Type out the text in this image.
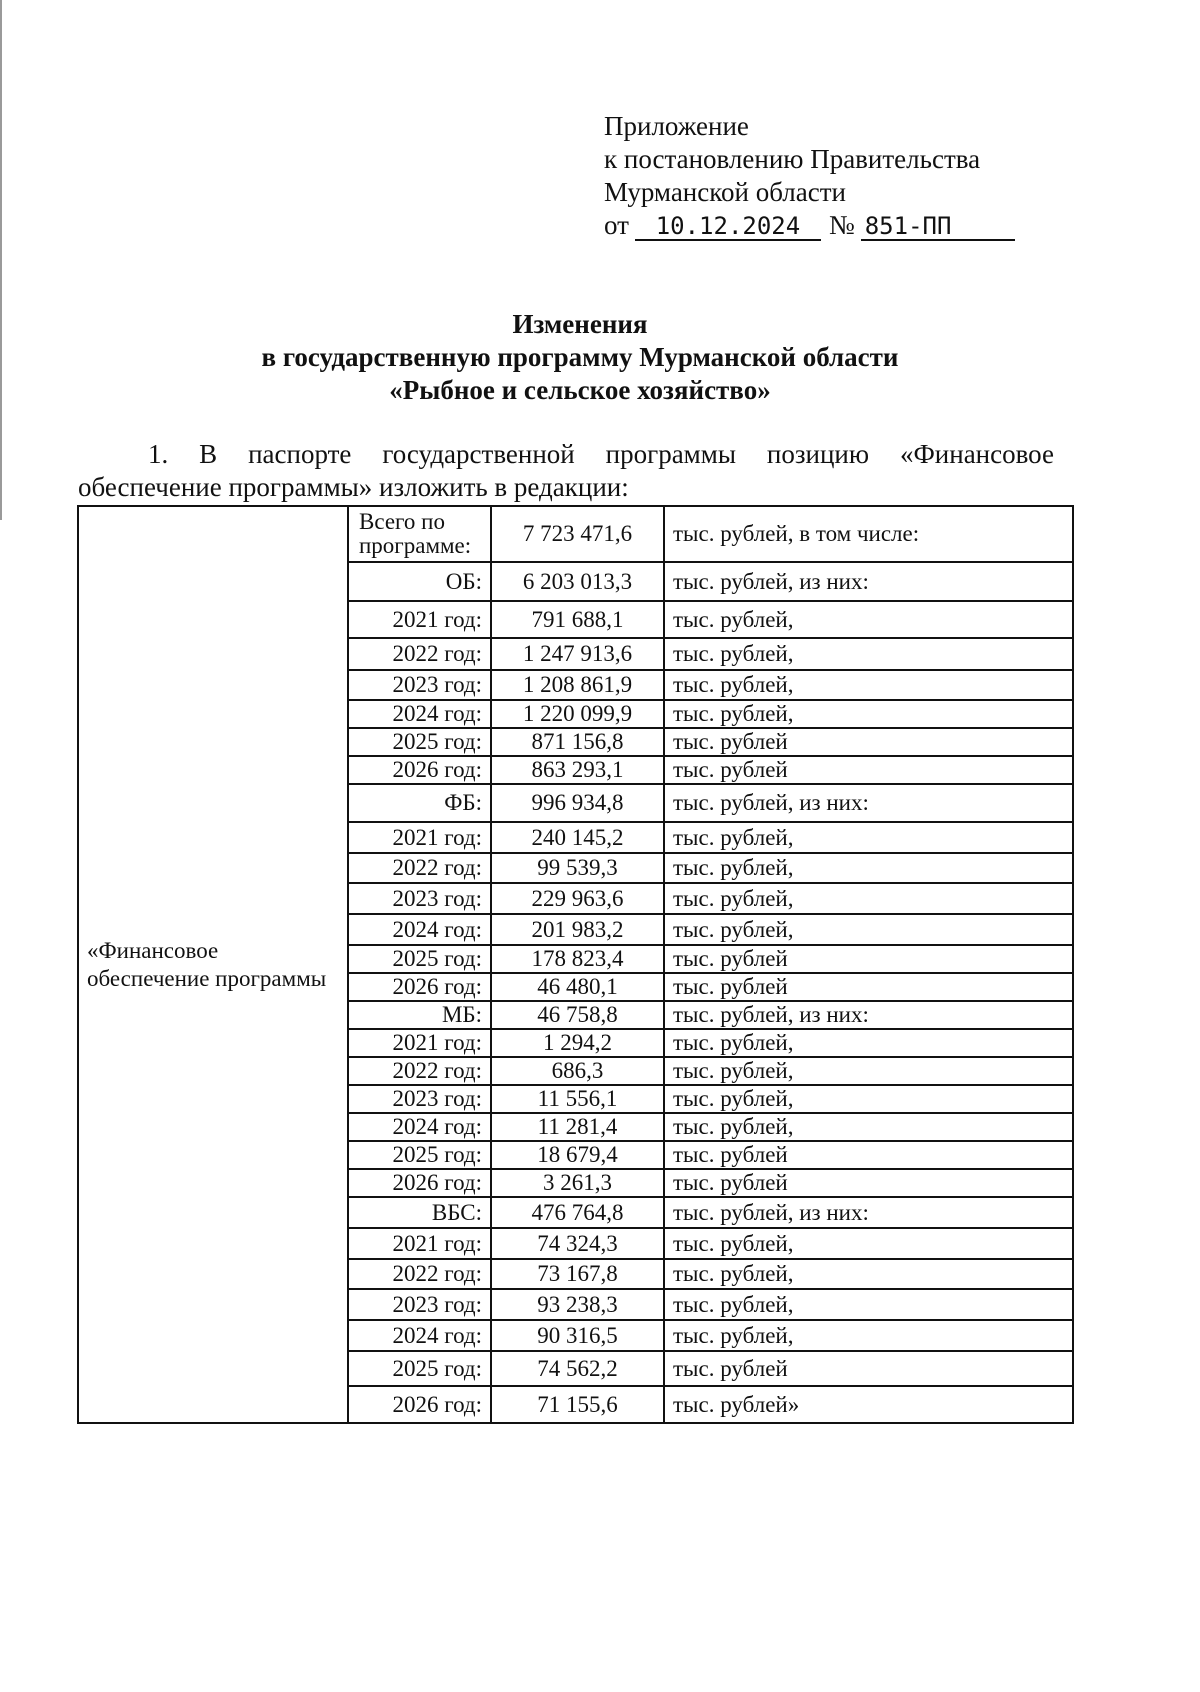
Приложение
к постановлению Правительства
Мурманской области
от 10.12.2024 № 851-ПП
Изменения
в государственную программу Мурманской области
«Рыбное и сельское хозяйство»

1. В паспорте государственной программы позицию «Финансовое обеспечение программы» изложить в редакции:

«Финансовое обеспечение программы	Всего по программе:	7 723 471,6	тыс. рублей, в том числе:
	ОБ:	6 203 013,3	тыс. рублей, из них:
	2021 год:	791 688,1	тыс. рублей,
	2022 год:	1 247 913,6	тыс. рублей,
	2023 год:	1 208 861,9	тыс. рублей,
	2024 год:	1 220 099,9	тыс. рублей,
	2025 год:	871 156,8	тыс. рублей
	2026 год:	863 293,1	тыс. рублей
	ФБ:	996 934,8	тыс. рублей, из них:
	2021 год:	240 145,2	тыс. рублей,
	2022 год:	99 539,3	тыс. рублей,
	2023 год:	229 963,6	тыс. рублей,
	2024 год:	201 983,2	тыс. рублей,
	2025 год:	178 823,4	тыс. рублей
	2026 год:	46 480,1	тыс. рублей
	МБ:	46 758,8	тыс. рублей, из них:
	2021 год:	1 294,2	тыс. рублей,
	2022 год:	686,3	тыс. рублей,
	2023 год:	11 556,1	тыс. рублей,
	2024 год:	11 281,4	тыс. рублей,
	2025 год:	18 679,4	тыс. рублей
	2026 год:	3 261,3	тыс. рублей
	ВБС:	476 764,8	тыс. рублей, из них:
	2021 год:	74 324,3	тыс. рублей,
	2022 год:	73 167,8	тыс. рублей,
	2023 год:	93 238,3	тыс. рублей,
	2024 год:	90 316,5	тыс. рублей,
	2025 год:	74 562,2	тыс. рублей
	2026 год:	71 155,6	тыс. рублей»
